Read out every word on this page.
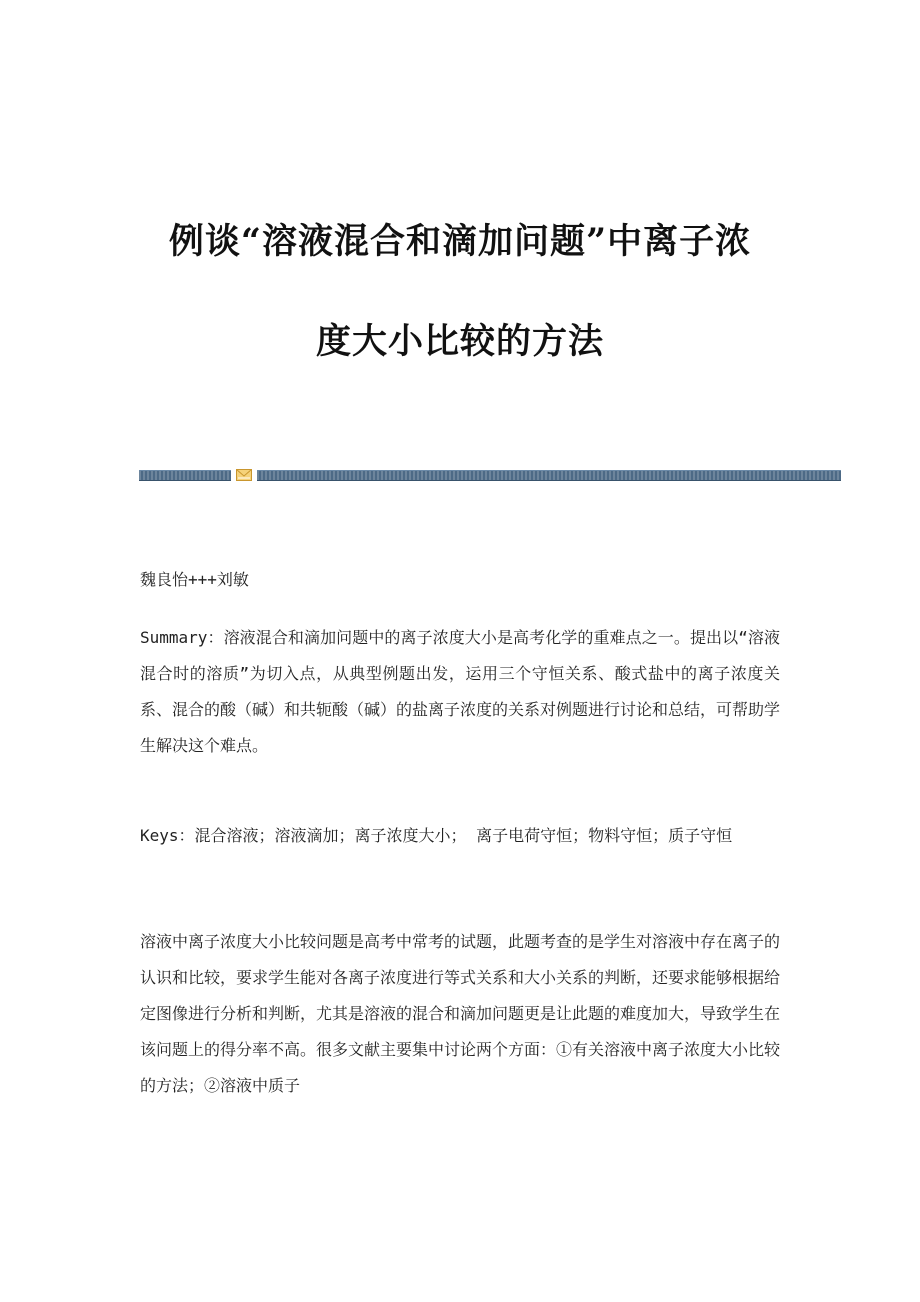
例谈“溶液混合和滴加问题”中离子浓
度大小比较的方法
魏良怡+++刘敏
Summary：溶液混合和滴加问题中的离子浓度大小是高考化学的重难点之一。提出以“溶液混合时的溶质”为切入点，从典型例题出发，运用三个守恒关系、酸式盐中的离子浓度关系、混合的酸（碱）和共轭酸（碱）的盐离子浓度的关系对例题进行讨论和总结，可帮助学生解决这个难点。
Keys：混合溶液；溶液滴加；离子浓度大小； 离子电荷守恒；物料守恒；质子守恒
溶液中离子浓度大小比较问题是高考中常考的试题，此题考查的是学生对溶液中存在离子的认识和比较，要求学生能对各离子浓度进行等式关系和大小关系的判断，还要求能够根据给定图像进行分析和判断，尤其是溶液的混合和滴加问题更是让此题的难度加大，导致学生在该问题上的得分率不高。很多文献主要集中讨论两个方面：①有关溶液中离子浓度大小比较的方法；②溶液中质子
